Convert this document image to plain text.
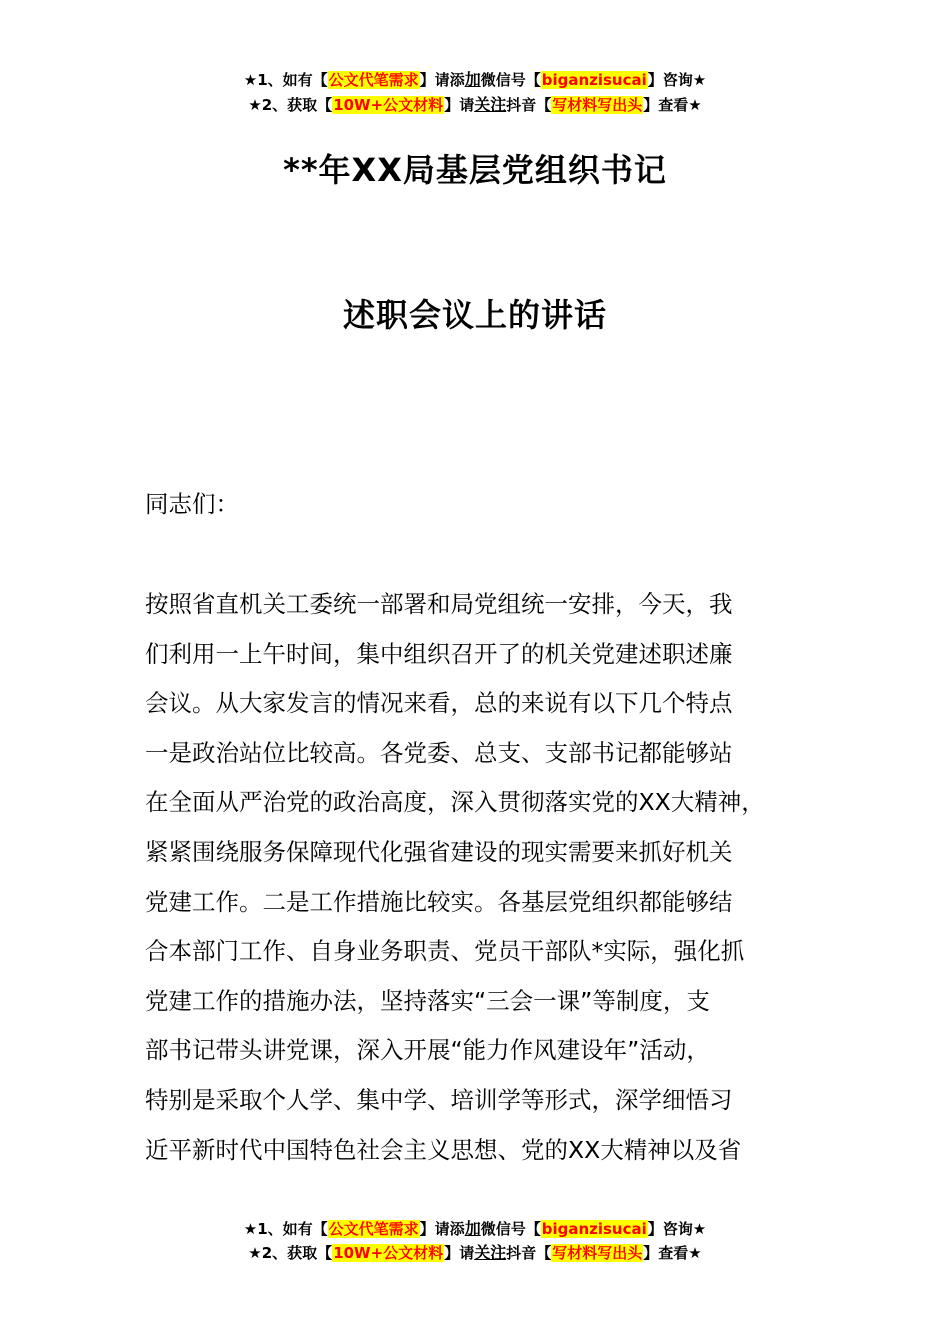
★1、如有【公文代笔需求】请添加微信号【biganzisucai】咨询★
★2、获取【10W+公文材料】请关注抖音【写材料写出头】查看★
**年XX局基层党组织书记
述职会议上的讲话
同志们：
按照省直机关工委统一部署和局党组统一安排，今天，我
们利用一上午时间，集中组织召开了的机关党建述职述廉
会议。从大家发言的情况来看，总的来说有以下几个特点
一是政治站位比较高。各党委、总支、支部书记都能够站
在全面从严治党的政治高度，深入贯彻落实党的XX大精神，
紧紧围绕服务保障现代化强省建设的现实需要来抓好机关
党建工作。二是工作措施比较实。各基层党组织都能够结
合本部门工作、自身业务职责、党员干部队*实际，强化抓
党建工作的措施办法，坚持落实“三会一课”等制度，支
部书记带头讲党课，深入开展“能力作风建设年”活动，
特别是采取个人学、集中学、培训学等形式，深学细悟习
近平新时代中国特色社会主义思想、党的XX大精神以及省
★1、如有【公文代笔需求】请添加微信号【biganzisucai】咨询★
★2、获取【10W+公文材料】请关注抖音【写材料写出头】查看★
